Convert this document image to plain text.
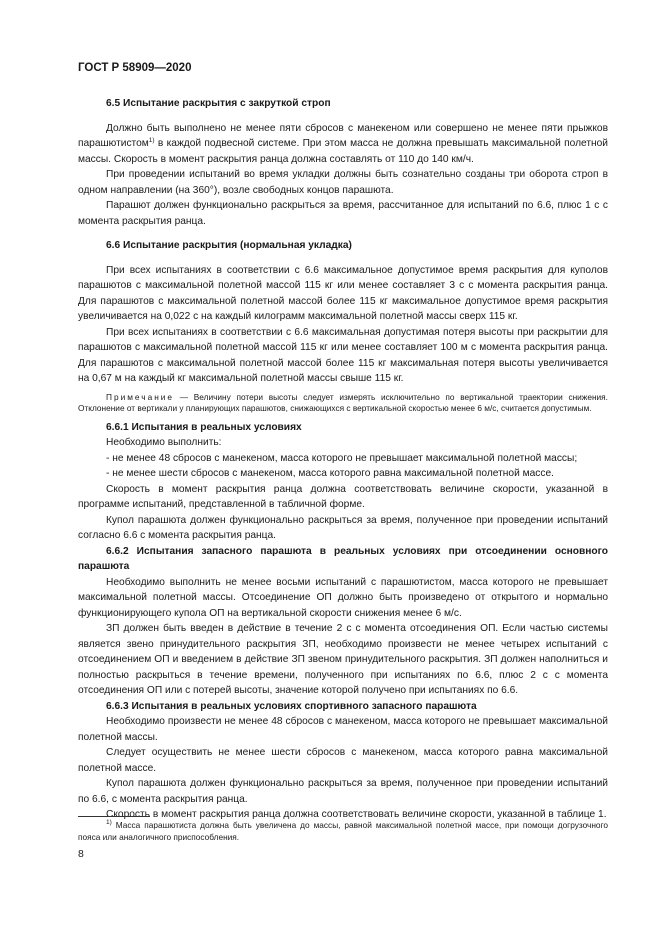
ГОСТ Р 58909—2020

6.5 Испытание раскрытия с закруткой строп

Должно быть выполнено не менее пяти сбросов с манекеном или совершено не менее пяти прыжков парашютистом$^{1)}$ в каждой подвесной системе. При этом масса не должна превышать максимальной полетной массы. Скорость в момент раскрытия ранца должна составлять от 110 до 140 км/ч.

При проведении испытаний во время укладки должны быть сознательно созданы три оборота строп в одном направлении (на 360°), возле свободных концов парашюта.

Парашют должен функционально раскрыться за время, рассчитанное для испытаний по 6.6, плюс 1 с с момента раскрытия ранца.

6.6 Испытание раскрытия (нормальная укладка)

При всех испытаниях в соответствии с 6.6 максимальное допустимое время раскрытия для куполов парашютов с максимальной полетной массой 115 кг или менее составляет 3 с с момента раскрытия ранца. Для парашютов с максимальной полетной массой более 115 кг максимальное допустимое время раскрытия увеличивается на 0,022 с на каждый килограмм максимальной полетной массы сверх 115 кг.

При всех испытаниях в соответствии с 6.6 максимальная допустимая потеря высоты при раскрытии для парашютов с максимальной полетной массой 115 кг или менее составляет 100 м с момента раскрытия ранца. Для парашютов с максимальной полетной массой более 115 кг максимальная потеря высоты увеличивается на 0,67 м на каждый кг максимальной полетной массы свыше 115 кг.

Примечание — Величину потери высоты следует измерять исключительно по вертикальной траектории снижения. Отклонение от вертикали у планирующих парашютов, снижающихся с вертикальной скоростью менее 6 м/с, считается допустимым.

6.6.1 Испытания в реальных условиях

Необходимо выполнить:

- не менее 48 сбросов с манекеном, масса которого не превышает максимальной полетной массы;

- не менее шести сбросов с манекеном, масса которого равна максимальной полетной массе.

Скорость в момент раскрытия ранца должна соответствовать величине скорости, указанной в программе испытаний, представленной в табличной форме.

Купол парашюта должен функционально раскрыться за время, полученное при проведении испытаний согласно 6.6 с момента раскрытия ранца.

6.6.2 Испытания запасного парашюта в реальных условиях при отсоединении основного парашюта

Необходимо выполнить не менее восьми испытаний с парашютистом, масса которого не превышает максимальной полетной массы. Отсоединение ОП должно быть произведено от открытого и нормально функционирующего купола ОП на вертикальной скорости снижения менее 6 м/с.

ЗП должен быть введен в действие в течение 2 с с момента отсоединения ОП. Если частью системы является звено принудительного раскрытия ЗП, необходимо произвести не менее четырех испытаний с отсоединением ОП и введением в действие ЗП звеном принудительного раскрытия. ЗП должен наполниться и полностью раскрыться в течение времени, полученного при испытаниях по 6.6, плюс 2 с с момента отсоединения ОП или с потерей высоты, значение которой получено при испытаниях по 6.6.

6.6.3 Испытания в реальных условиях спортивного запасного парашюта

Необходимо произвести не менее 48 сбросов с манекеном, масса которого не превышает максимальной полетной массы.

Следует осуществить не менее шести сбросов с манекеном, масса которого равна максимальной полетной массе.

Купол парашюта должен функционально раскрыться за время, полученное при проведении испытаний по 6.6, с момента раскрытия ранца.

Скорость в момент раскрытия ранца должна соответствовать величине скорости, указанной в таблице 1.

$^{1)}$ Масса парашютиста должна быть увеличена до массы, равной максимальной полетной массе, при помощи догрузочного пояса или аналогичного приспособления.

8
